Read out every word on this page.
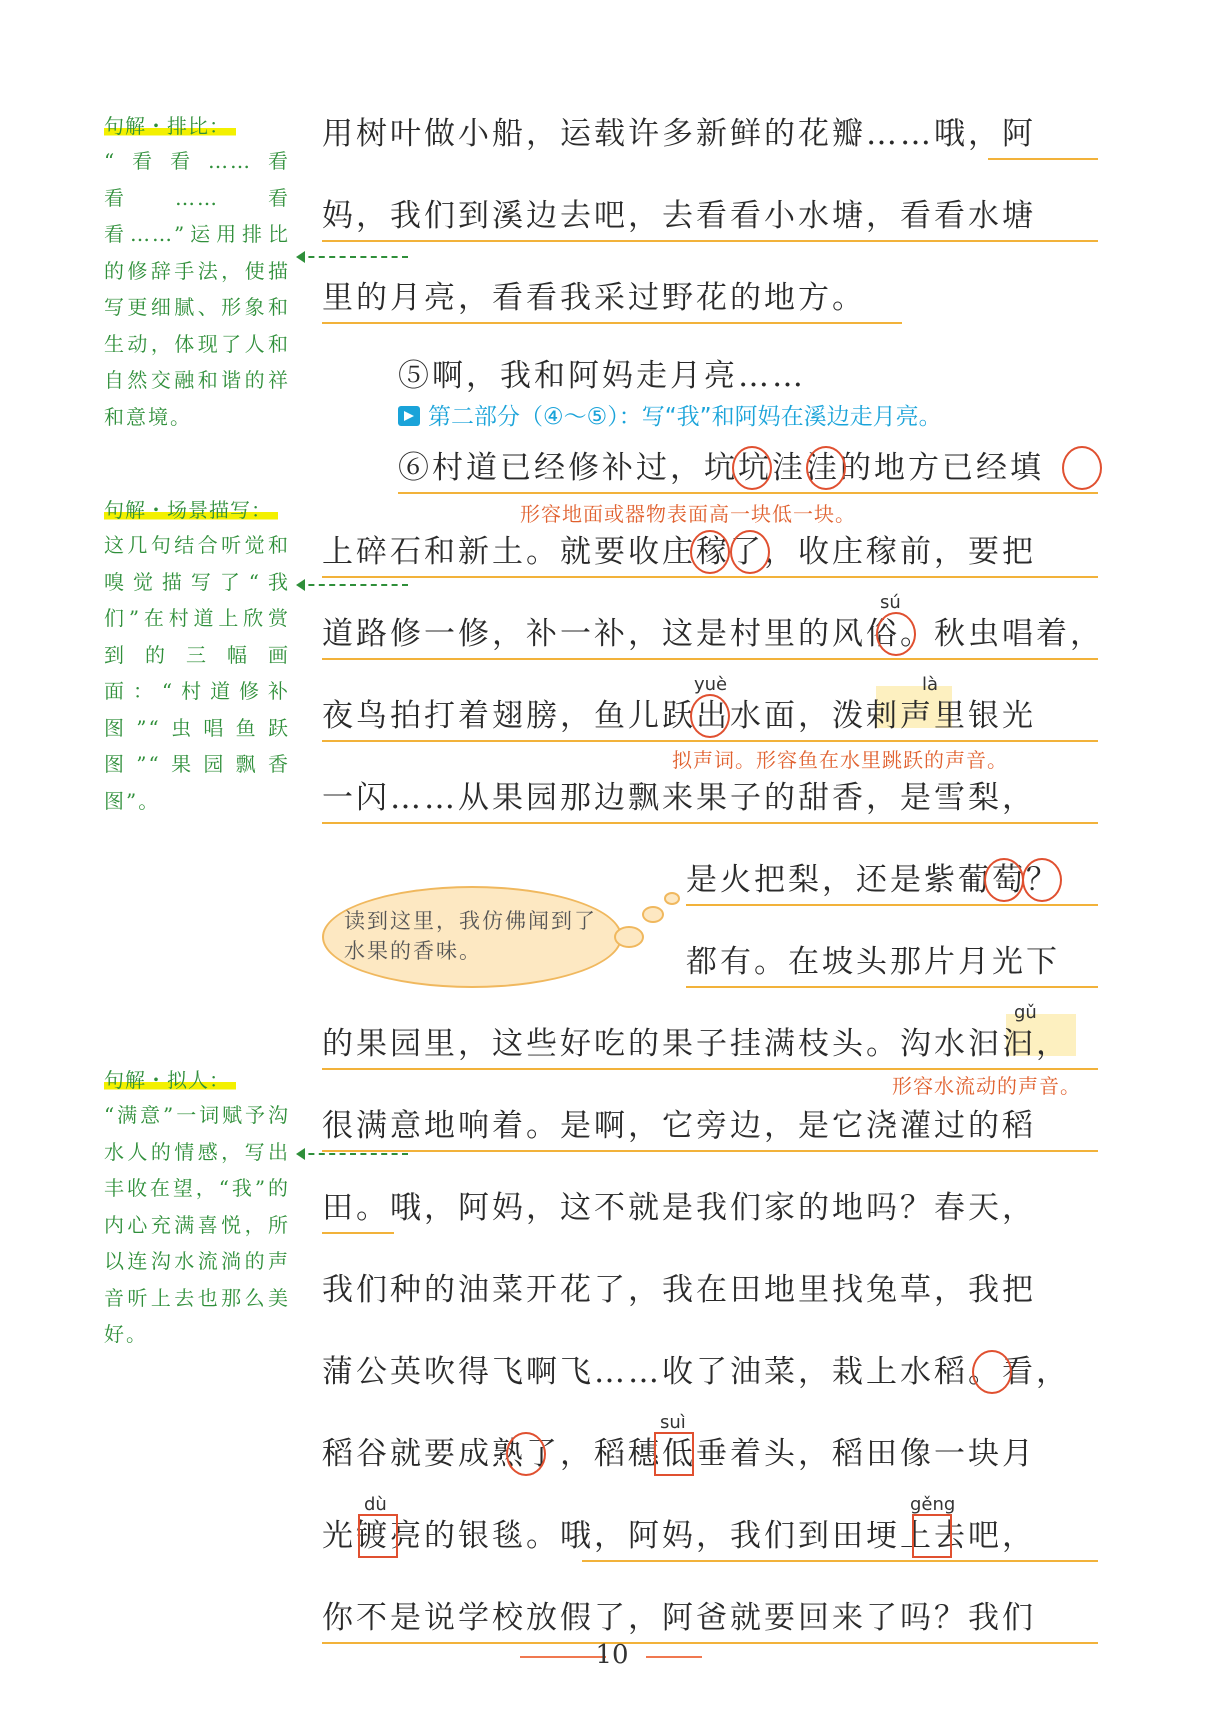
句解・排比：
“看看……看看……看看……”运用排比的修辞手法，使描写更细腻、形象和生动，体现了人和自然交融和谐的祥和意境。
句解・场景描写：
这几句结合听觉和嗅觉描写了“我们”在村道上欣赏到的三幅画面：“村道修补图”“虫唱鱼跃图”“果园飘香图”。
句解・拟人：
“满意”一词赋予沟水人的情感，写出丰收在望，“我”的内心充满喜悦，所以连沟水流淌的声音听上去也那么美好。

用树叶做小船，运载许多新鲜的花瓣……哦，阿

妈，我们到溪边去吧，去看看小水塘，看看水塘

里的月亮，看看我采过野花的地方。

⑤啊，我和阿妈走月亮……

第二部分（④～⑤）：写“我”和阿妈在溪边走月亮。

⑥村道已经修补过，坑坑洼洼的地方已经填

形容地面或器物表面高一块低一块。

上碎石和新土。就要收庄稼了，收庄稼前，要把

道路修一修，补一补，这是村里的风俗。秋虫唱着，

夜鸟拍打着翅膀，鱼儿跃出水面，泼剌声里银光

拟声词。形容鱼在水里跳跃的声音。

一闪……从果园那边飘来果子的甜香，是雪梨，

读到这里，我仿佛闻到了水果的香味。

是火把梨，还是紫葡萄？

都有。在坡头那片月光下

的果园里，这些好吃的果子挂满枝头。沟水汩汩，

形容水流动的声音。

很满意地响着。是啊，它旁边，是它浇灌过的稻

田。哦，阿妈，这不就是我们家的地吗？春天，

我们种的油菜开花了，我在田地里找兔草，我把

蒲公英吹得飞啊飞……收了油菜，栽上水稻。看，

稻谷就要成熟了，稻穗低垂着头，稻田像一块月

光镀亮的银毯。哦，阿妈，我们到田埂上去吧，

你不是说学校放假了，阿爸就要回来了吗？我们

sú
yuè	là
gǔ
suì
dù	gěng
10
